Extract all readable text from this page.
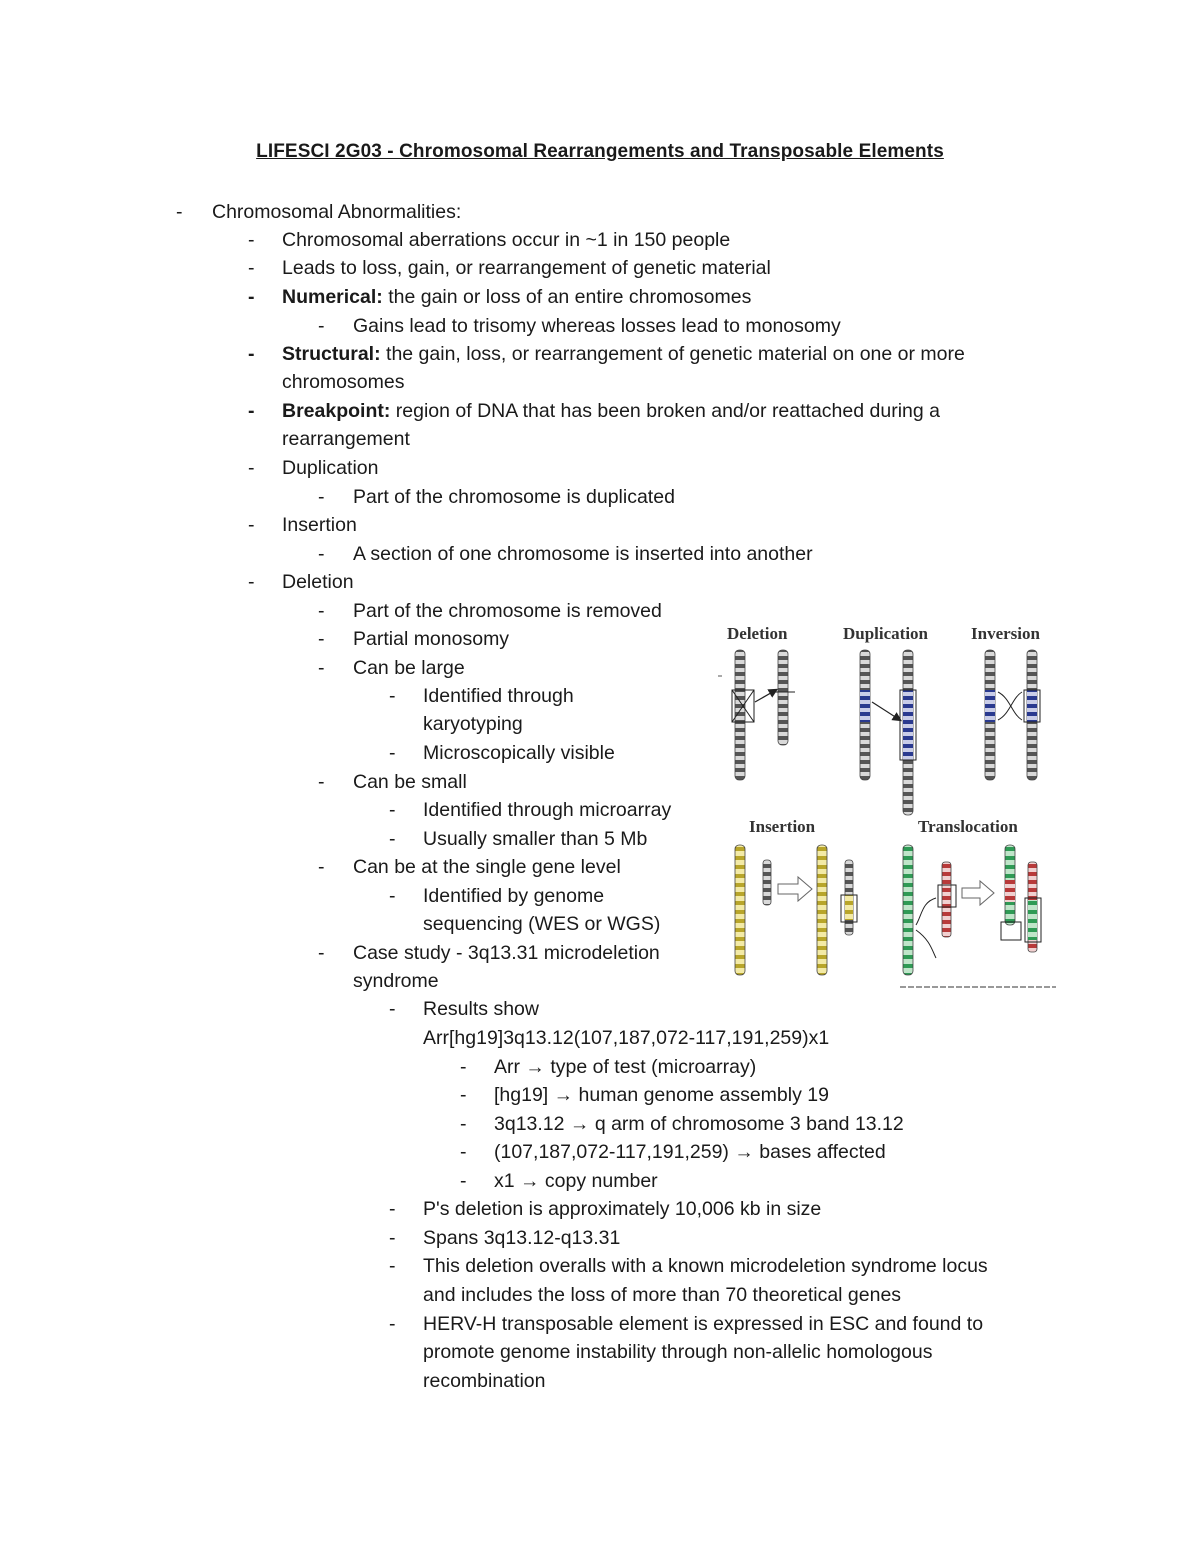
LIFESCI 2G03 - Chromosomal Rearrangements and Transposable Elements
- Chromosomal Abnormalities:
- Chromosomal aberrations occur in ~1 in 150 people
- Leads to loss, gain, or rearrangement of genetic material
- Numerical: the gain or loss of an entire chromosomes
- Gains lead to trisomy whereas losses lead to monosomy
- Structural: the gain, loss, or rearrangement of genetic material on one or more
chromosomes
- Breakpoint: region of DNA that has been broken and/or reattached during a
rearrangement
- Duplication
- Part of the chromosome is duplicated
- Insertion
- A section of one chromosome is inserted into another
- Deletion
- Part of the chromosome is removed
- Partial monosomy
- Can be large
- Identified through
karyotyping
- Microscopically visible
- Can be small
- Identified through microarray
- Usually smaller than 5 Mb
- Can be at the single gene level
- Identified by genome
sequencing (WES or WGS)
- Case study - 3q13.31 microdeletion
syndrome
- Results show
Arr[hg19]3q13.12(107,187,072-117,191,259)x1
- Arr → type of test (microarray)
- [hg19] → human genome assembly 19
- 3q13.12 → q arm of chromosome 3 band 13.12
- (107,187,072-117,191,259) → bases affected
- x1 → copy number
- P's deletion is approximately 10,006 kb in size
- Spans 3q13.12-q13.31
- This deletion overalls with a known microdeletion syndrome locus
and includes the loss of more than 70 theoretical genes
- HERV-H transposable element is expressed in ESC and found to
promote genome instability through non-allelic homologous
recombination
Deletion	Duplication	Inversion
Insertion	Translocation
